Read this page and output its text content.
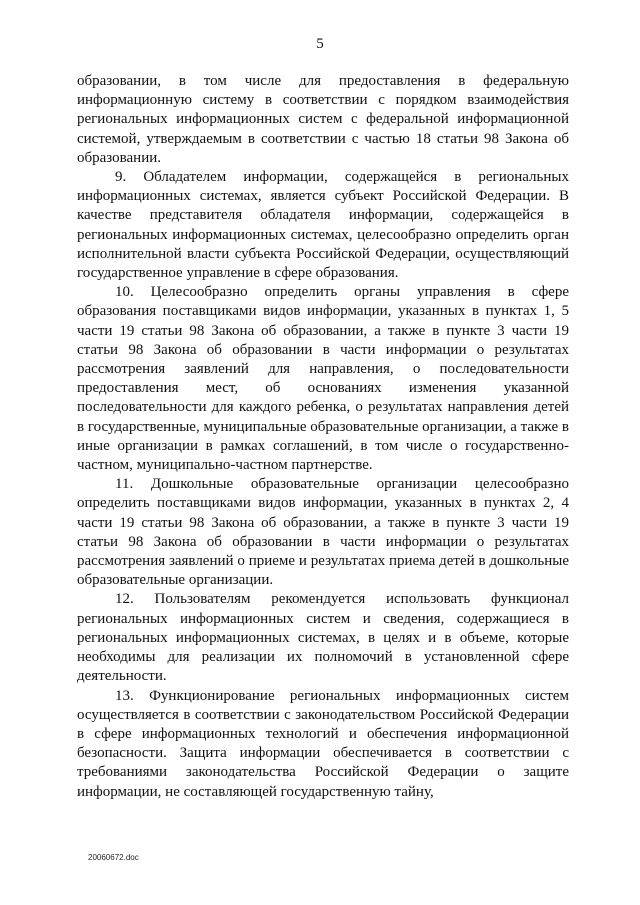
5

образовании, в том числе для предоставления в федеральную информационную систему в соответствии с порядком взаимодействия региональных информационных систем с федеральной информационной системой, утверждаемым в соответствии с частью 18 статьи 98 Закона об образовании.

9. Обладателем информации, содержащейся в региональных информационных системах, является субъект Российской Федерации. В качестве представителя обладателя информации, содержащейся в региональных информационных системах, целесообразно определить орган исполнительной власти субъекта Российской Федерации, осуществляющий государственное управление в сфере образования.

10. Целесообразно определить органы управления в сфере образования поставщиками видов информации, указанных в пунктах 1, 5 части 19 статьи 98 Закона об образовании, а также в пункте 3 части 19 статьи 98 Закона об образовании в части информации о результатах рассмотрения заявлений для направления, о последовательности предоставления мест, об основаниях изменения указанной последовательности для каждого ребенка, о результатах направления детей в государственные, муниципальные образовательные организации, а также в иные организации в рамках соглашений, в том числе о государственно-частном, муниципально-частном партнерстве.

11. Дошкольные образовательные организации целесообразно определить поставщиками видов информации, указанных в пунктах 2, 4 части 19 статьи 98 Закона об образовании, а также в пункте 3 части 19 статьи 98 Закона об образовании в части информации о результатах рассмотрения заявлений о приеме и результатах приема детей в дошкольные образовательные организации.

12. Пользователям рекомендуется использовать функционал региональных информационных систем и сведения, содержащиеся в региональных информационных системах, в целях и в объеме, которые необходимы для реализации их полномочий в установленной сфере деятельности.

13. Функционирование региональных информационных систем осуществляется в соответствии с законодательством Российской Федерации в сфере информационных технологий и обеспечения информационной безопасности. Защита информации обеспечивается в соответствии с требованиями законодательства Российской Федерации о защите информации, не составляющей государственную тайну,

20060672.doc
